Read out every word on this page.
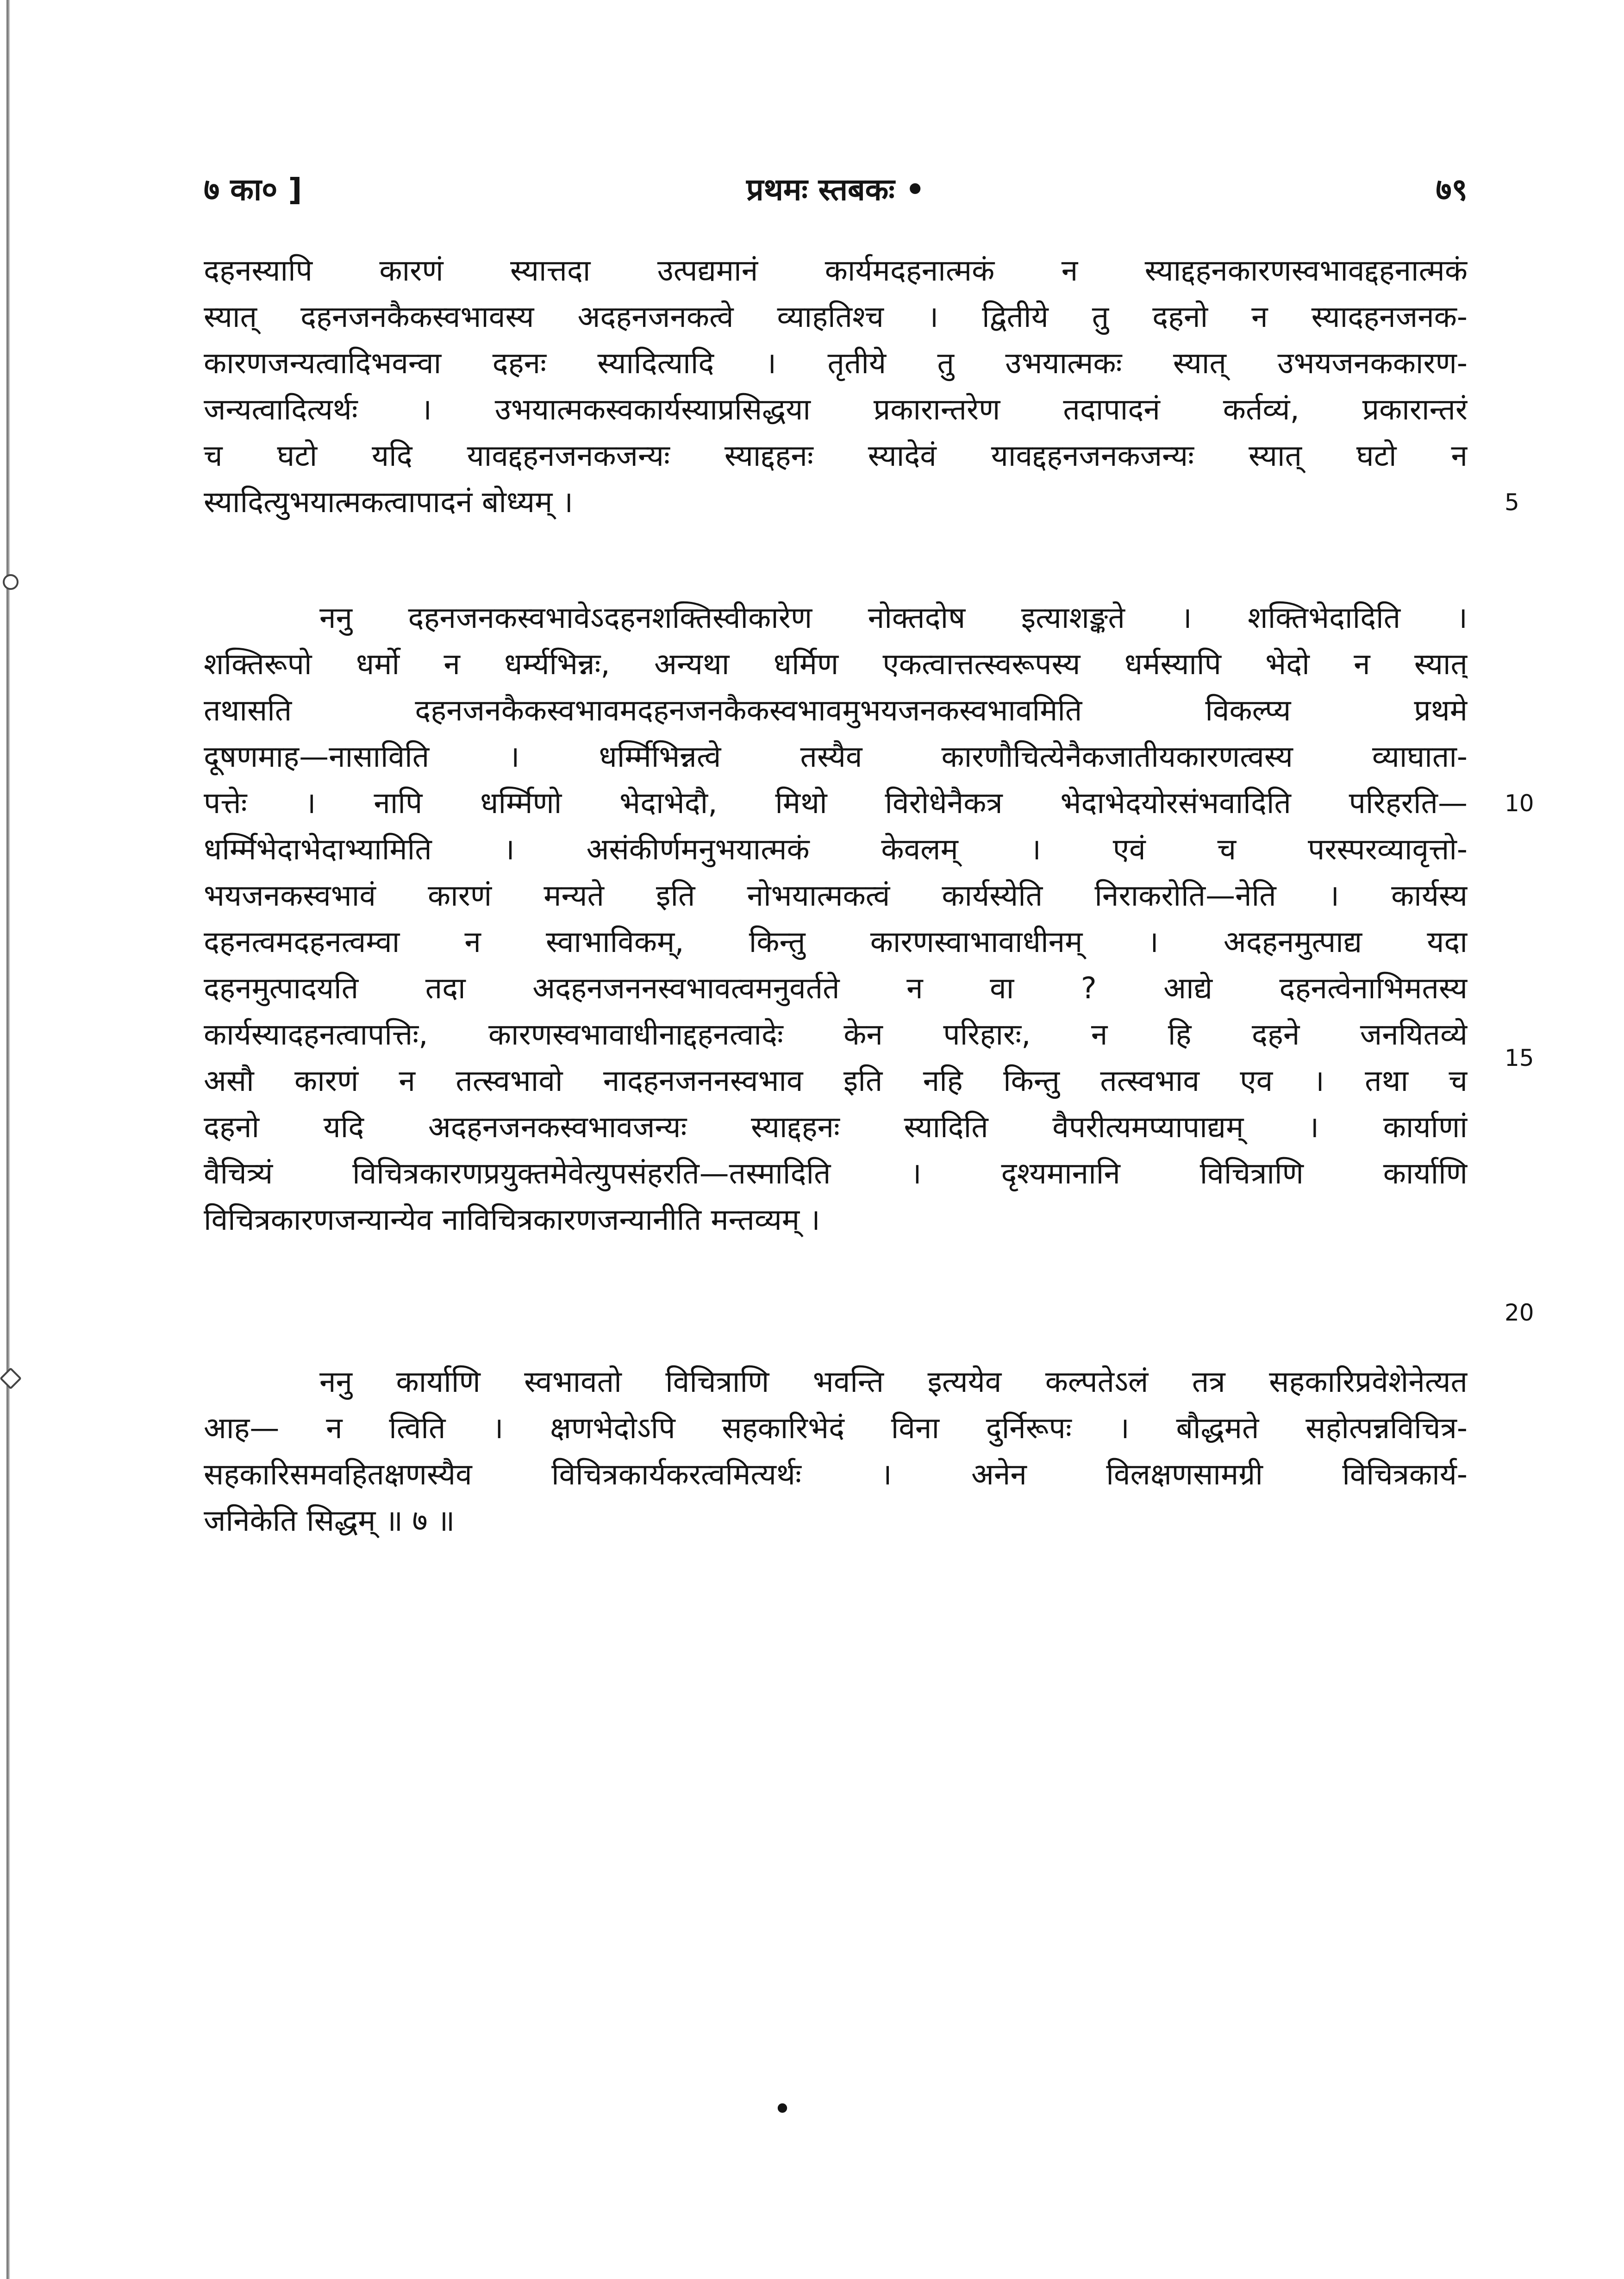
७ का० ]	प्रथमः स्तबकः •	७९
दहनस्यापि कारणं स्यात्तदा उत्पद्यमानं कार्यमदहनात्मकं न स्याद्दहनकारणस्वभावद्दहनात्मकं
स्यात् दहनजनकैकस्वभावस्य अदहनजनकत्वे व्याहतिश्च । द्वितीये तु दहनो न स्यादहनजनक-
कारणजन्यत्वादिभवन्वा दहनः स्यादित्यादि । तृतीये तु उभयात्मकः स्यात् उभयजनककारण-
जन्यत्वादित्यर्थः । उभयात्मकस्वकार्यस्याप्रसिद्धया प्रकारान्तरेण तदापादनं कर्तव्यं, प्रकारान्तरं
च घटो यदि यावद्दहनजनकजन्यः स्याद्दहनः स्यादेवं यावद्दहनजनकजन्यः स्यात् घटो न
स्यादित्युभयात्मकत्वापादनं बोध्यम् ।
ननु दहनजनकस्वभावेऽदहनशक्तिस्वीकारेण नोक्तदोष इत्याशङ्कते । शक्तिभेदादिति ।
शक्तिरूपो धर्मो न धर्म्यभिन्नः, अन्यथा धर्मिण एकत्वात्तत्स्वरूपस्य धर्मस्यापि भेदो न स्यात्
तथासति दहनजनकैकस्वभावमदहनजनकैकस्वभावमुभयजनकस्वभावमिति विकल्प्य प्रथमे
दूषणमाह—नासाविति । धर्म्मिभिन्नत्वे तस्यैव कारणौचित्येनैकजातीयकारणत्वस्य व्याघाता-
पत्तेः । नापि धर्म्मिणो भेदाभेदौ, मिथो विरोधेनैकत्र भेदाभेदयोरसंभवादिति परिहरति—
धर्म्मिभेदाभेदाभ्यामिति । असंकीर्णमनुभयात्मकं केवलम् । एवं च परस्परव्यावृत्तो-
भयजनकस्वभावं कारणं मन्यते इति नोभयात्मकत्वं कार्यस्येति निराकरोति—नेति । कार्यस्य
दहनत्वमदहनत्वम्वा न स्वाभाविकम्, किन्तु कारणस्वाभावाधीनम् । अदहनमुत्पाद्य यदा
दहनमुत्पादयति तदा अदहनजननस्वभावत्वमनुवर्तते न वा ? आद्ये दहनत्वेनाभिमतस्य
कार्यस्यादहनत्वापत्तिः, कारणस्वभावाधीनाद्दहनत्वादेः केन परिहारः, न हि दहने जनयितव्ये
असौ कारणं न तत्स्वभावो नादहनजननस्वभाव इति नहि किन्तु तत्स्वभाव एव । तथा च
दहनो यदि अदहनजनकस्वभावजन्यः स्याद्दहनः स्यादिति वैपरीत्यमप्यापाद्यम् । कार्याणां
वैचित्र्यं विचित्रकारणप्रयुक्तमेवेत्युपसंहरति—तस्मादिति । दृश्यमानानि विचित्राणि कार्याणि
विचित्रकारणजन्यान्येव नाविचित्रकारणजन्यानीति मन्तव्यम् ।
ननु कार्याणि स्वभावतो विचित्राणि भवन्ति इत्ययेव कल्पतेऽलं तत्र सहकारिप्रवेशेनेत्यत
आह— न त्विति । क्षणभेदोऽपि सहकारिभेदं विना दुर्निरूपः । बौद्धमते सहोत्पन्नविचित्र-
सहकारिसमवहितक्षणस्यैव विचित्रकार्यकरत्वमित्यर्थः । अनेन विलक्षणसामग्री विचित्रकार्य-
जनिकेति सिद्धम् ॥ ७ ॥
5
10
15
20
•
